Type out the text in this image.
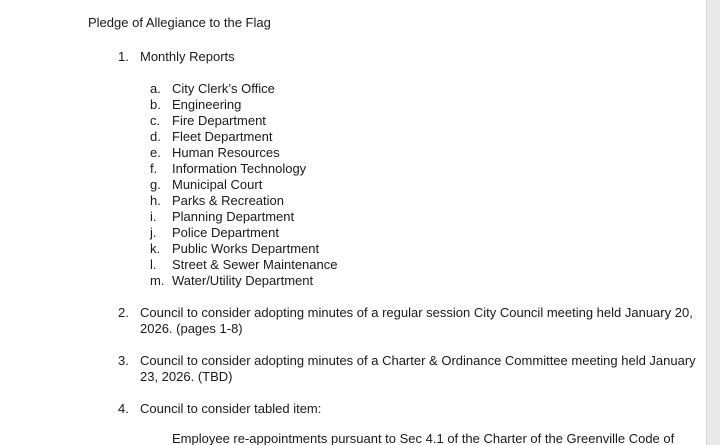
Pledge of Allegiance to the Flag
1. Monthly Reports
a. City Clerk’s Office
b. Engineering
c. Fire Department
d. Fleet Department
e. Human Resources
f. Information Technology
g. Municipal Court
h. Parks & Recreation
i. Planning Department
j. Police Department
k. Public Works Department
l. Street & Sewer Maintenance
m. Water/Utility Department
2. Council to consider adopting minutes of a regular session City Council meeting held January 20,
2026. (pages 1-8)
3. Council to consider adopting minutes of a Charter & Ordinance Committee meeting held January
23, 2026. (TBD)
4. Council to consider tabled item:
Employee re-appointments pursuant to Sec 4.1 of the Charter of the Greenville Code of
